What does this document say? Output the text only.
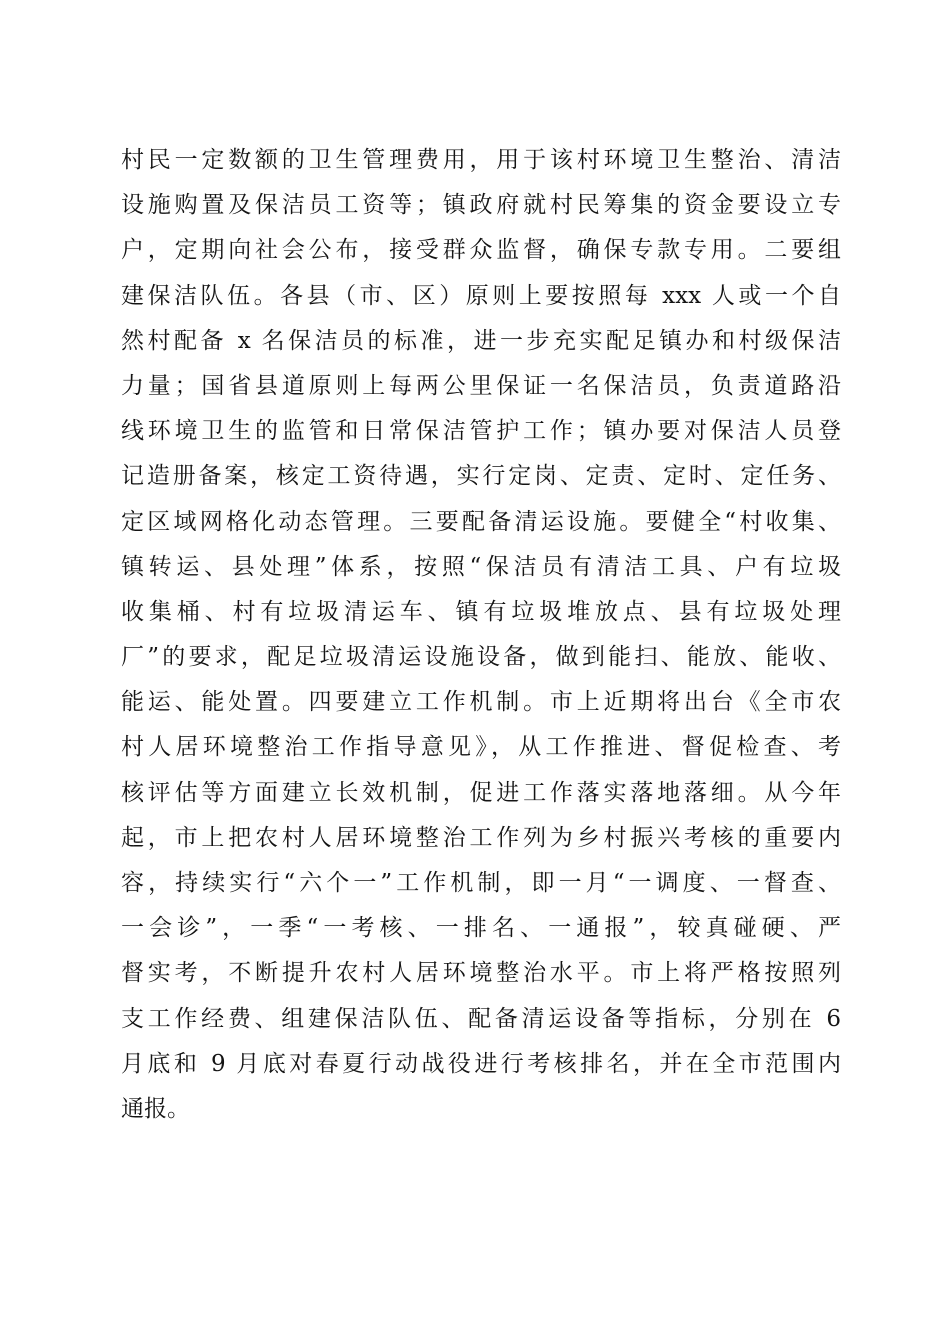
村民一定数额的卫生管理费用，用于该村环境卫生整治、清洁
设施购置及保洁员工资等；镇政府就村民筹集的资金要设立专
户，定期向社会公布，接受群众监督，确保专款专用。二要组
建保洁队伍。各县（市、区）原则上要按照每 xxx 人或一个自
然村配备 x 名保洁员的标准，进一步充实配足镇办和村级保洁
力量；国省县道原则上每两公里保证一名保洁员，负责道路沿
线环境卫生的监管和日常保洁管护工作；镇办要对保洁人员登
记造册备案，核定工资待遇，实行定岗、定责、定时、定任务、
定区域网格化动态管理。三要配备清运设施。要健全“村收集、
镇转运、县处理”体系，按照“保洁员有清洁工具、户有垃圾
收集桶、村有垃圾清运车、镇有垃圾堆放点、县有垃圾处理
厂”的要求，配足垃圾清运设施设备，做到能扫、能放、能收、
能运、能处置。四要建立工作机制。市上近期将出台《全市农
村人居环境整治工作指导意见》，从工作推进、督促检查、考
核评估等方面建立长效机制，促进工作落实落地落细。从今年
起，市上把农村人居环境整治工作列为乡村振兴考核的重要内
容，持续实行“六个一”工作机制，即一月“一调度、一督查、
一会诊”，一季“一考核、一排名、一通报”，较真碰硬、严
督实考，不断提升农村人居环境整治水平。市上将严格按照列
支工作经费、组建保洁队伍、配备清运设备等指标，分别在 6
月底和 9 月底对春夏行动战役进行考核排名，并在全市范围内
通报。
